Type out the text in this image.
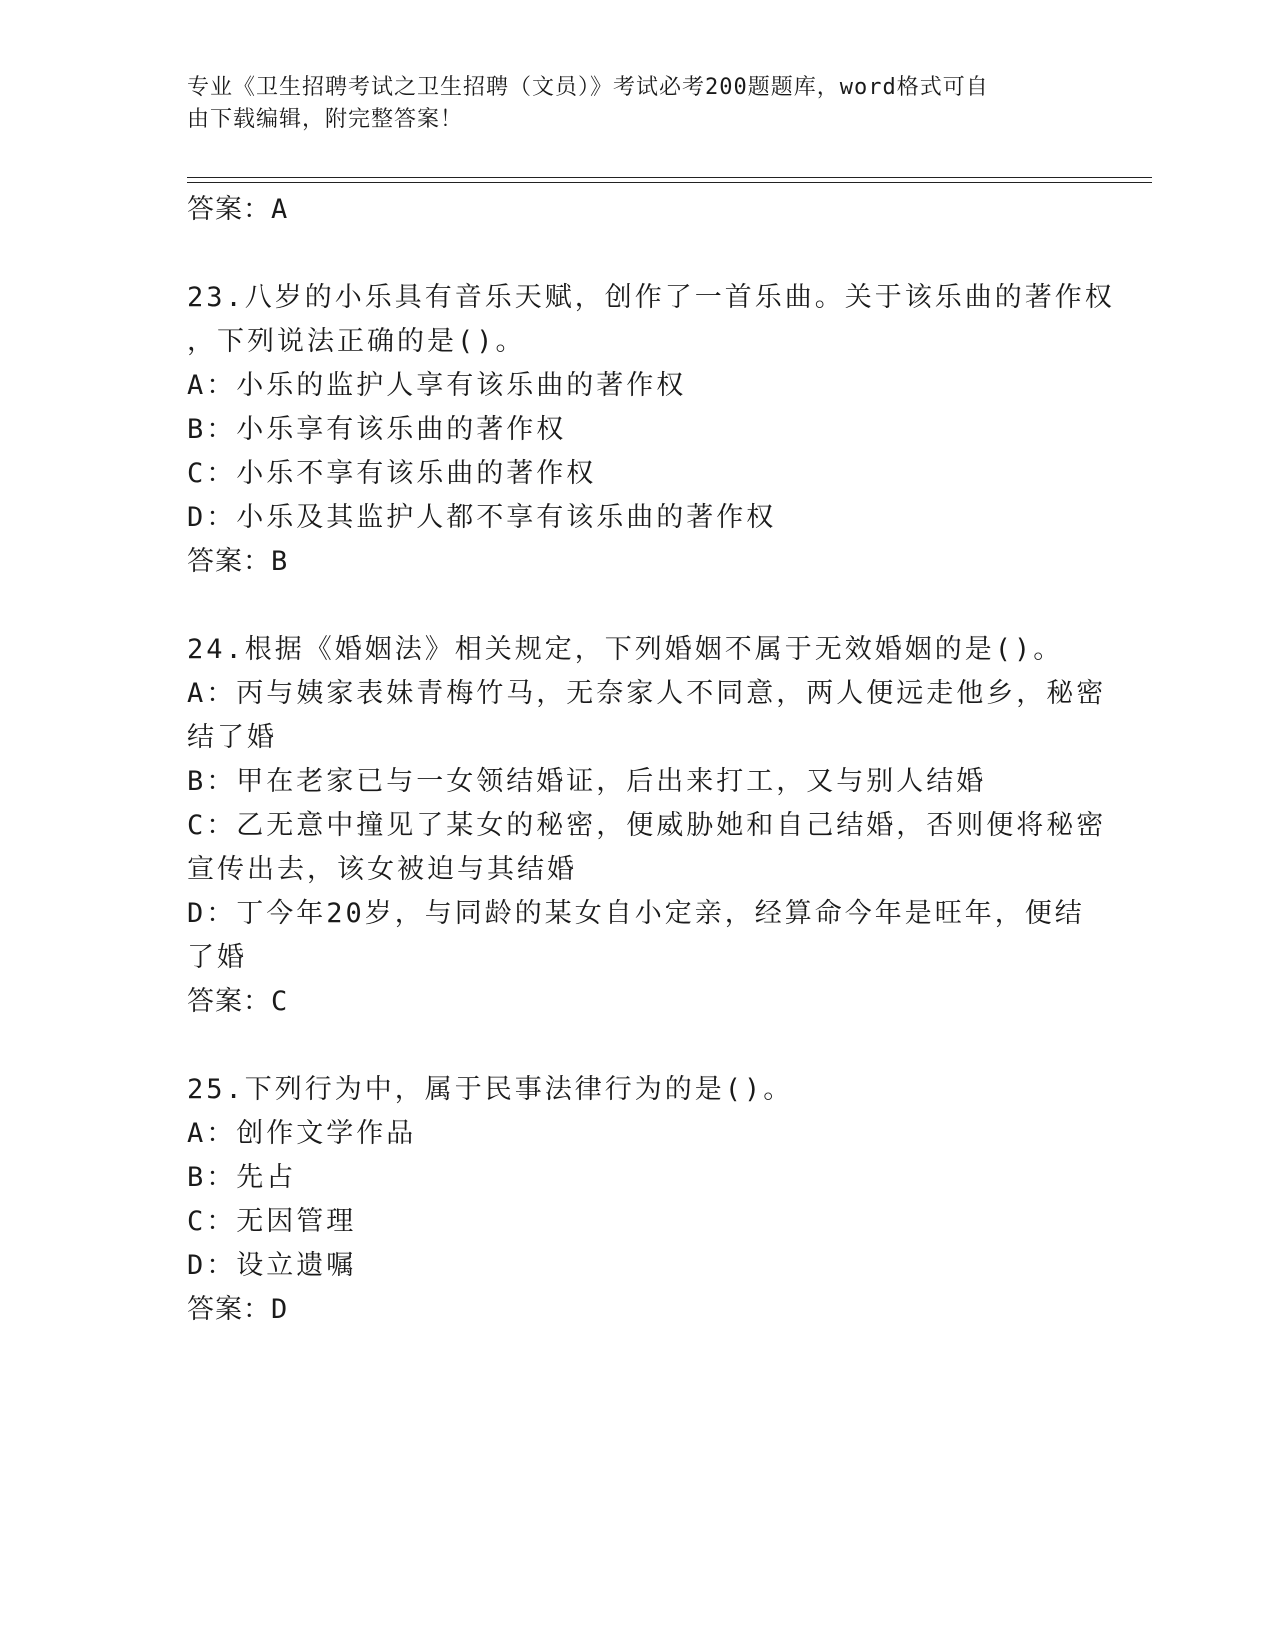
专业《卫生招聘考试之卫生招聘（文员）》考试必考200题题库，word格式可自
由下载编辑，附完整答案！
答案：A
23.八岁的小乐具有音乐天赋，创作了一首乐曲。关于该乐曲的著作权
，下列说法正确的是()。
A：小乐的监护人享有该乐曲的著作权
B：小乐享有该乐曲的著作权
C：小乐不享有该乐曲的著作权
D：小乐及其监护人都不享有该乐曲的著作权
答案：B
24.根据《婚姻法》相关规定，下列婚姻不属于无效婚姻的是()。
A：丙与姨家表妹青梅竹马，无奈家人不同意，两人便远走他乡，秘密
结了婚
B：甲在老家已与一女领结婚证，后出来打工，又与别人结婚
C：乙无意中撞见了某女的秘密，便威胁她和自己结婚，否则便将秘密
宣传出去，该女被迫与其结婚
D：丁今年20岁，与同龄的某女自小定亲，经算命今年是旺年，便结
了婚
答案：C
25.下列行为中，属于民事法律行为的是()。
A：创作文学作品
B：先占
C：无因管理
D：设立遗嘱
答案：D
